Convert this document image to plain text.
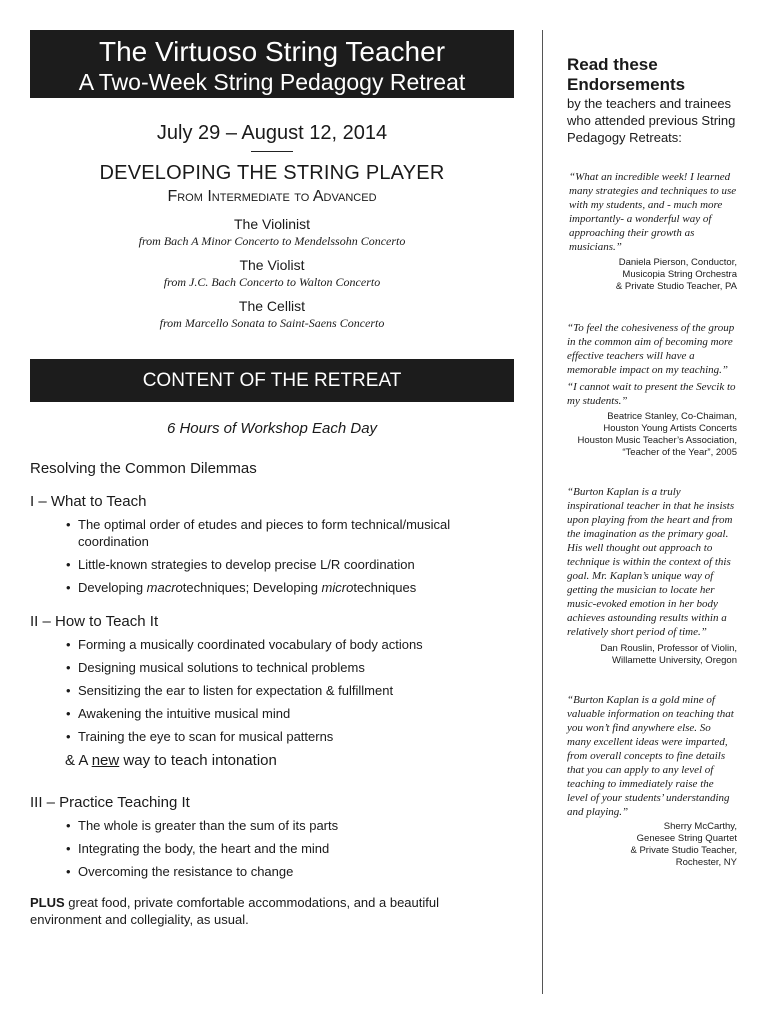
The Virtuoso String Teacher
A Two-Week String Pedagogy Retreat
July 29 – August 12, 2014
DEVELOPING THE STRING PLAYER
From Intermediate to Advanced
The Violinist
from Bach A Minor Concerto to Mendelssohn Concerto
The Violist
from J.C. Bach Concerto to Walton Concerto
The Cellist
from Marcello Sonata to Saint-Saens Concerto
CONTENT OF THE RETREAT
6 Hours of Workshop Each Day
Resolving the Common Dilemmas
I – What to Teach
• The optimal order of etudes and pieces to form technical/musical coordination
• Little-known strategies to develop precise L/R coordination
• Developing macrotechniques; Developing microtechniques
II – How to Teach It
• Forming a musically coordinated vocabulary of body actions
• Designing musical solutions to technical problems
• Sensitizing the ear to listen for expectation & fulfillment
• Awakening the intuitive musical mind
• Training the eye to scan for musical patterns
& A new way to teach intonation
III – Practice Teaching It
• The whole is greater than the sum of its parts
• Integrating the body, the heart and the mind
• Overcoming the resistance to change
PLUS great food, private comfortable accommodations, and a beautiful environment and collegiality, as usual.
Read these
Endorsements
by the teachers and trainees who attended previous String Pedagogy Retreats:
“What an incredible week! I learned many strategies and techniques to use with my students, and - much more importantly- a wonderful way of approaching their growth as musicians.”
Daniela Pierson, Conductor,
Musicopia String Orchestra
& Private Studio Teacher, PA
“To feel the cohesiveness of the group in the common aim of becoming more effective teachers will have a memorable impact on my teaching.”
“I cannot wait to present the Sevcik to my students.”
Beatrice Stanley, Co-Chaiman,
Houston Young Artists Concerts
Houston Music Teacher’s Association,
“Teacher of the Year”, 2005
“Burton Kaplan is a truly inspirational teacher in that he insists upon playing from the heart and from the imagination as the primary goal. His well thought out approach to technique is within the context of this goal. Mr. Kaplan’s unique way of getting the musician to locate her music-evoked emotion in her body achieves astounding results within a relatively short period of time.”
Dan Rouslin, Professor of Violin,
Willamette University, Oregon
“Burton Kaplan is a gold mine of valuable information on teaching that you won’t find anywhere else. So many excellent ideas were imparted, from overall concepts to fine details that you can apply to any level of teaching to immediately raise the level of your students’ understanding and playing.”
Sherry McCarthy,
Genesee String Quartet
& Private Studio Teacher,
Rochester, NY
